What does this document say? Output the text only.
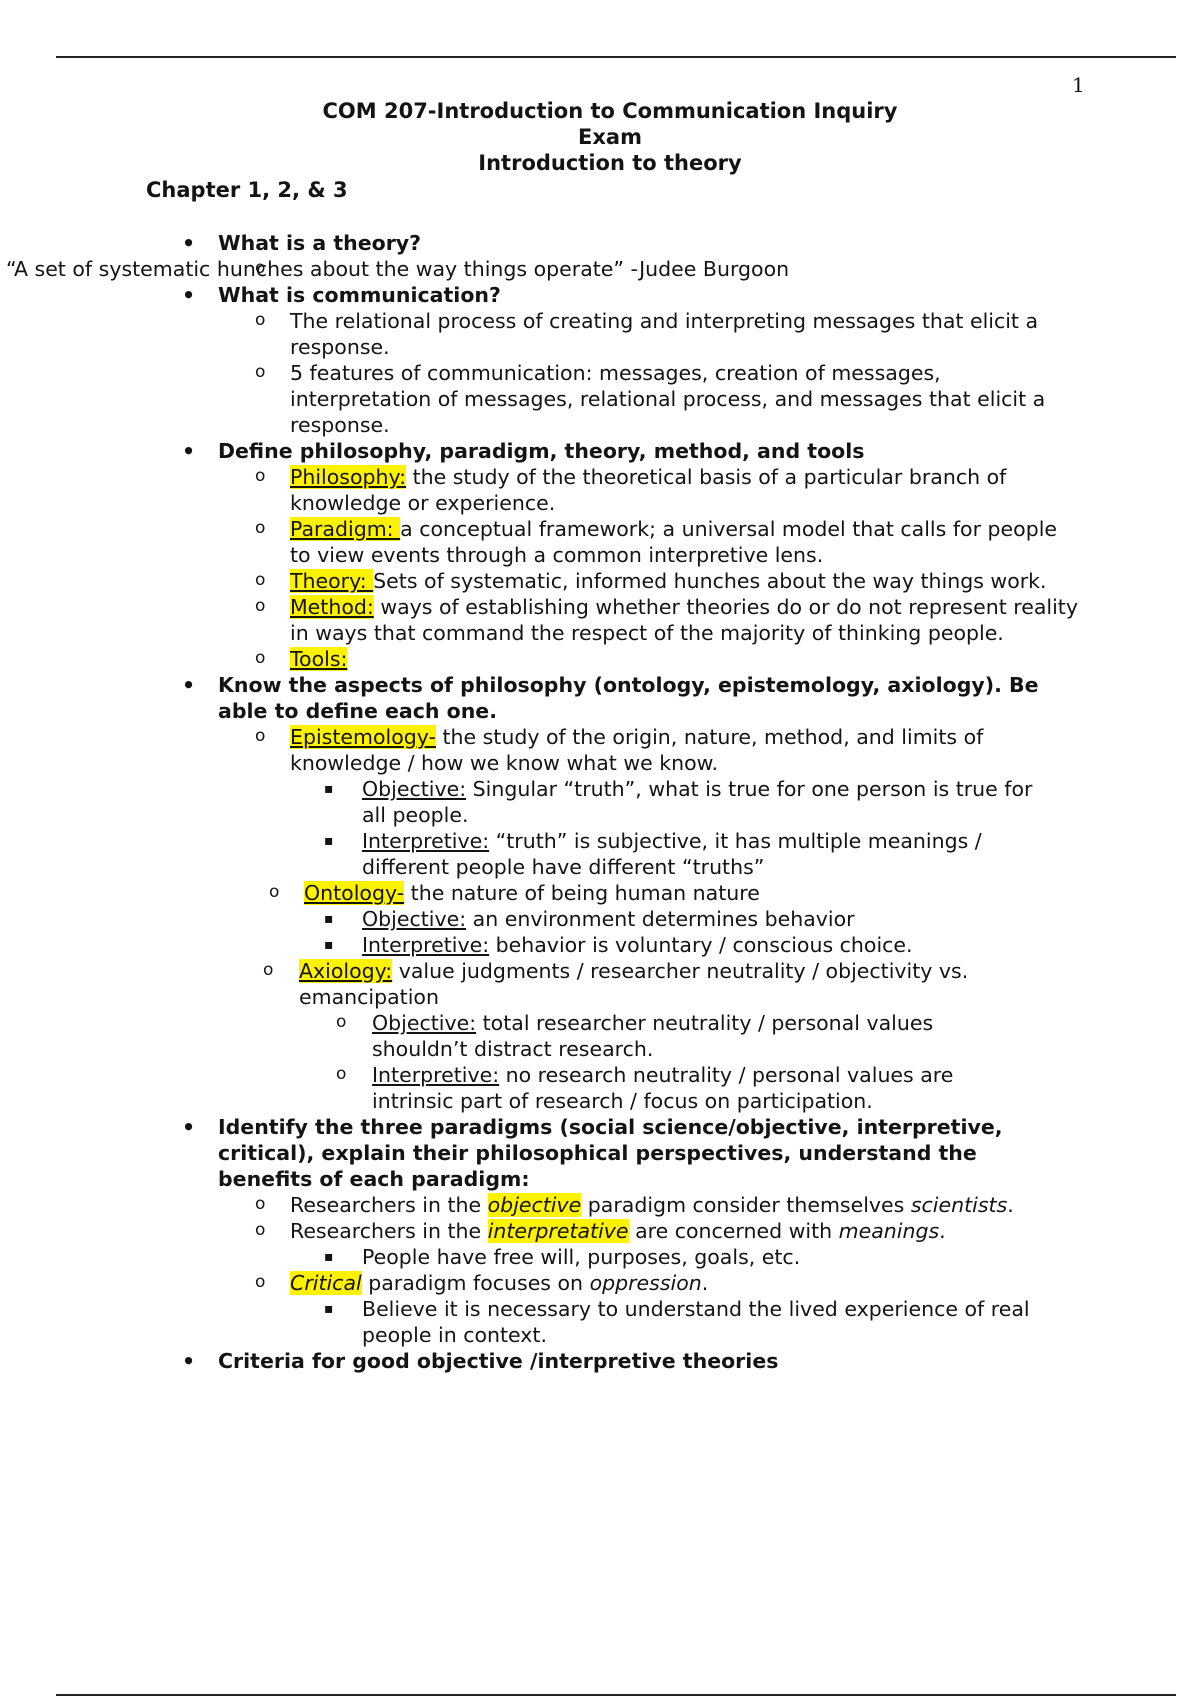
1
COM 207-Introduction to Communication Inquiry
Exam
Introduction to theory
Chapter 1, 2, & 3
• What is a theory?
o “A set of systematic hunches about the way things operate” -Judee Burgoon
• What is communication?
o The relational process of creating and interpreting messages that elicit a response.
o 5 features of communication: messages, creation of messages, interpretation of messages, relational process, and messages that elicit a response.
• Define philosophy, paradigm, theory, method, and tools
o Philosophy: the study of the theoretical basis of a particular branch of knowledge or experience.
o Paradigm: a conceptual framework; a universal model that calls for people to view events through a common interpretive lens.
o Theory: Sets of systematic, informed hunches about the way things work.
o Method: ways of establishing whether theories do or do not represent reality in ways that command the respect of the majority of thinking people.
o Tools:
• Know the aspects of philosophy (ontology, epistemology, axiology). Be able to define each one.
o Epistemology- the study of the origin, nature, method, and limits of knowledge / how we know what we know.
▪ Objective: Singular “truth”, what is true for one person is true for all people.
▪ Interpretive: “truth” is subjective, it has multiple meanings / different people have different “truths”
o Ontology- the nature of being human nature
▪ Objective: an environment determines behavior
▪ Interpretive: behavior is voluntary / conscious choice.
o Axiology: value judgments / researcher neutrality / objectivity vs. emancipation
o Objective: total researcher neutrality / personal values shouldn’t distract research.
o Interpretive: no research neutrality / personal values are intrinsic part of research / focus on participation.
• Identify the three paradigms (social science/objective, interpretive, critical), explain their philosophical perspectives, understand the benefits of each paradigm:
o Researchers in the objective paradigm consider themselves scientists.
o Researchers in the interpretative are concerned with meanings.
▪ People have free will, purposes, goals, etc.
o Critical paradigm focuses on oppression.
▪ Believe it is necessary to understand the lived experience of real people in context.
• Criteria for good objective /interpretive theories
